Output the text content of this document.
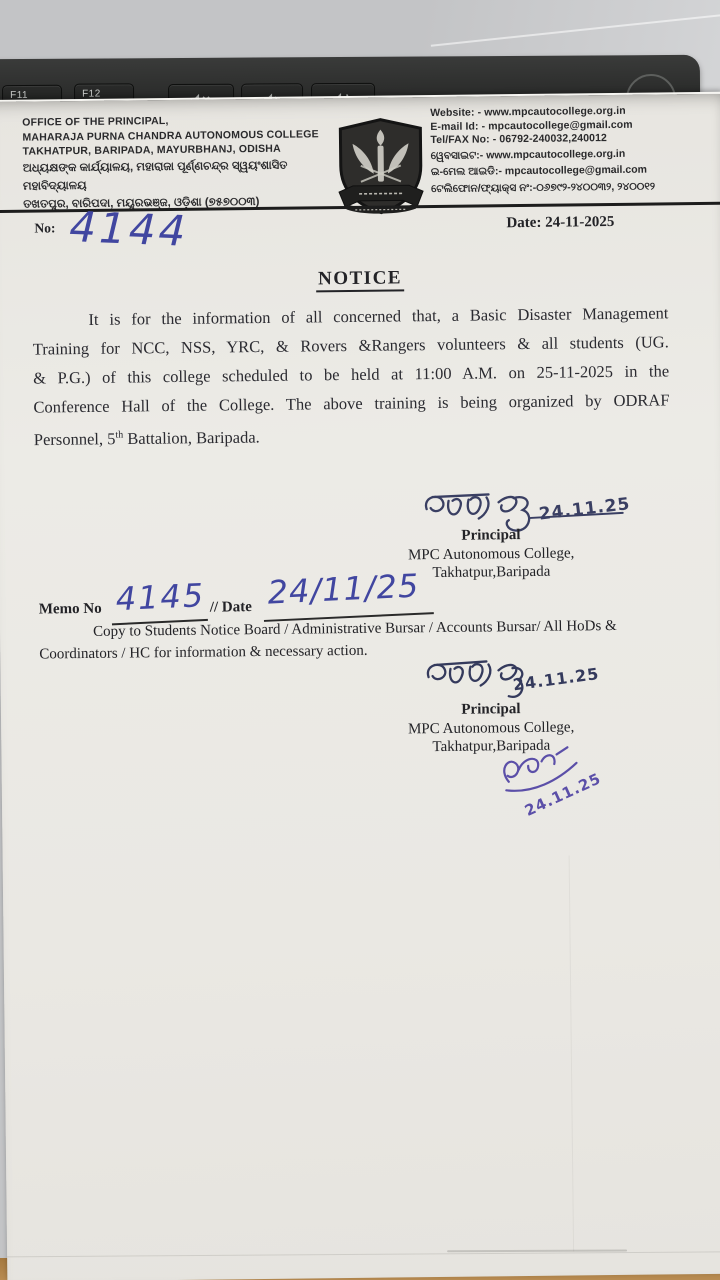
F11	F12
OFFICE OF THE PRINCIPAL,
MAHARAJA PURNA CHANDRA AUTONOMOUS COLLEGE
TAKHATPUR, BARIPADA, MAYURBHANJ, ODISHA
ଅଧ୍ୟକ୍ଷଙ୍କ କାର୍ଯ୍ୟାଳୟ, ମହାରାଜା ପୂର୍ଣ୍ଣଚନ୍ଦ୍ର ସ୍ୱୟଂଶାସିତ ମହାବିଦ୍ୟାଳୟ
ତଖତପୁର, ବାରିପଦା, ମୟୂରଭଞ୍ଜ, ଓଡ଼ିଶା (୭୫୭୦୦୩)
Website: - www.mpcautocollege.org.in
E-mail Id: - mpcautocollege@gmail.com
Tel/FAX No: - 06792-240032,240012
ୱେବସାଇଟ:- www.mpcautocollege.org.in
ଇ-ମେଲ ଆଇଡି:- mpcautocollege@gmail.com
ଟେଲିଫୋନ/ଫ୍ୟାକ୍ସ ନଂ:-୦୬୭୯୨-୨୪୦୦୩୨, ୨୪୦୦୧୨
No: 4144	Date: 24-11-2025
NOTICE
It is for the information of all concerned that, a Basic Disaster Management
Training for NCC, NSS, YRC, & Rovers &Rangers volunteers & all students (UG.
& P.G.) of this college scheduled to be held at 11:00 A.M. on 25-11-2025 in the
Conference Hall of the College. The above training is being organized by ODRAF
Personnel, 5th Battalion, Baripada.
24.11.25
Principal
MPC Autonomous College,
Takhatpur,Baripada
Memo No 4145 // Date 24/11/25
Copy to Students Notice Board / Administrative Bursar / Accounts Bursar/ All HoDs &
Coordinators / HC for information & necessary action.
24.11.25
Principal
MPC Autonomous College,
Takhatpur,Baripada
24.11.25
